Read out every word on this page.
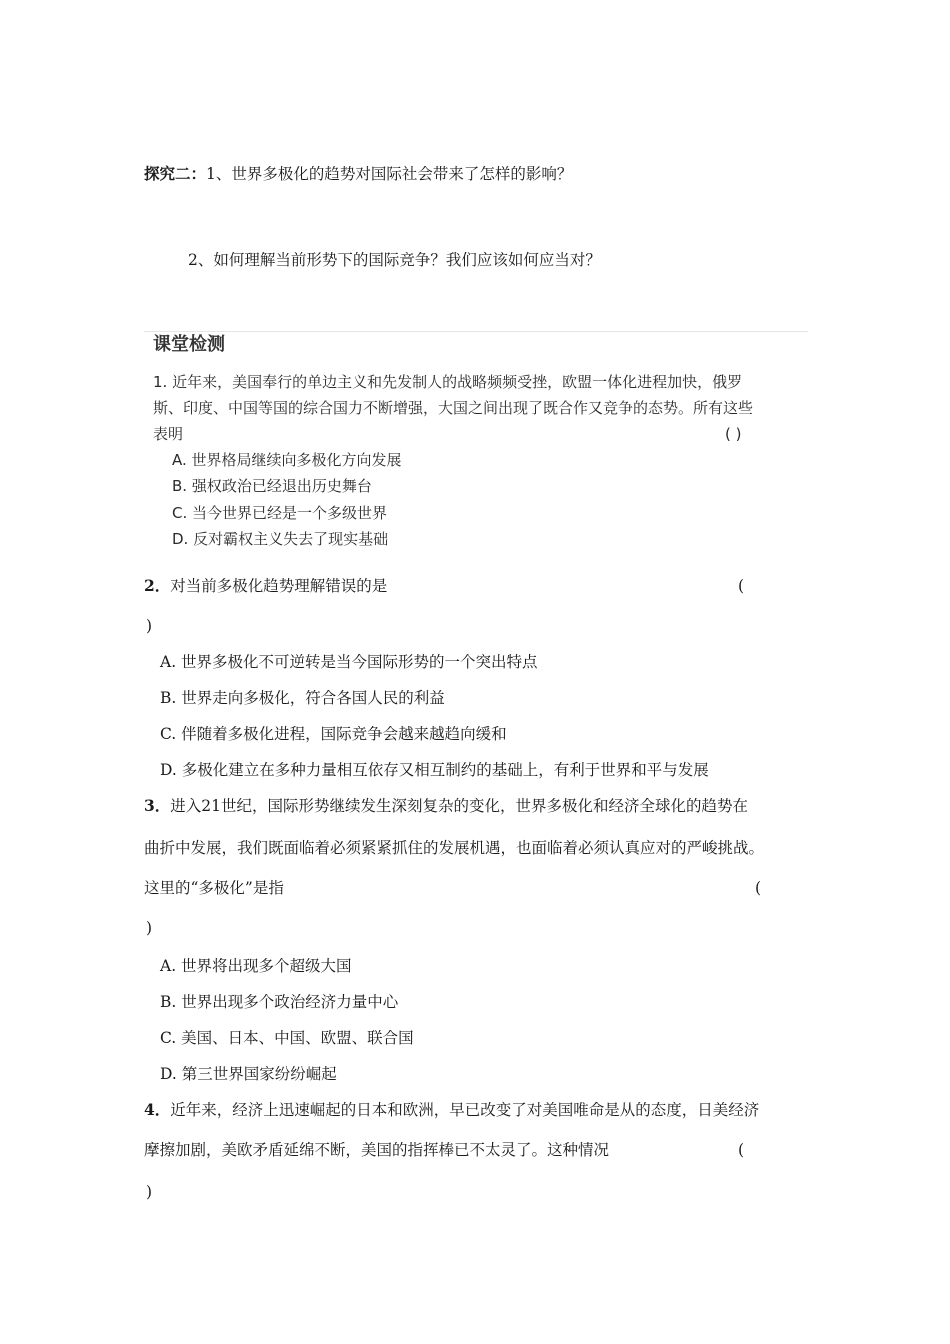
探究二：1、世界多极化的趋势对国际社会带来了怎样的影响？
2、如何理解当前形势下的国际竞争？我们应该如何应当对？
课堂检测
1. 近年来，美国奉行的单边主义和先发制人的战略频频受挫，欧盟一体化进程加快，俄罗
斯、印度、中国等国的综合国力不断增强，大国之间出现了既合作又竞争的态势。所有这些
表明	( )
A. 世界格局继续向多极化方向发展
B. 强权政治已经退出历史舞台
C. 当今世界已经是一个多级世界
D. 反对霸权主义失去了现实基础
2．对当前多极化趋势理解错误的是	(
)
A. 世界多极化不可逆转是当今国际形势的一个突出特点
B. 世界走向多极化，符合各国人民的利益
C. 伴随着多极化进程，国际竞争会越来越趋向缓和
D. 多极化建立在多种力量相互依存又相互制约的基础上，有利于世界和平与发展
3．进入21世纪，国际形势继续发生深刻复杂的变化，世界多极化和经济全球化的趋势在
曲折中发展，我们既面临着必须紧紧抓住的发展机遇，也面临着必须认真应对的严峻挑战。
这里的“多极化”是指	(
)
A. 世界将出现多个超级大国
B. 世界出现多个政治经济力量中心
C. 美国、日本、中国、欧盟、联合国
D. 第三世界国家纷纷崛起
4．近年来，经济上迅速崛起的日本和欧洲，早已改变了对美国唯命是从的态度，日美经济
摩擦加剧，美欧矛盾延绵不断，美国的指挥棒已不太灵了。这种情况	(
)
